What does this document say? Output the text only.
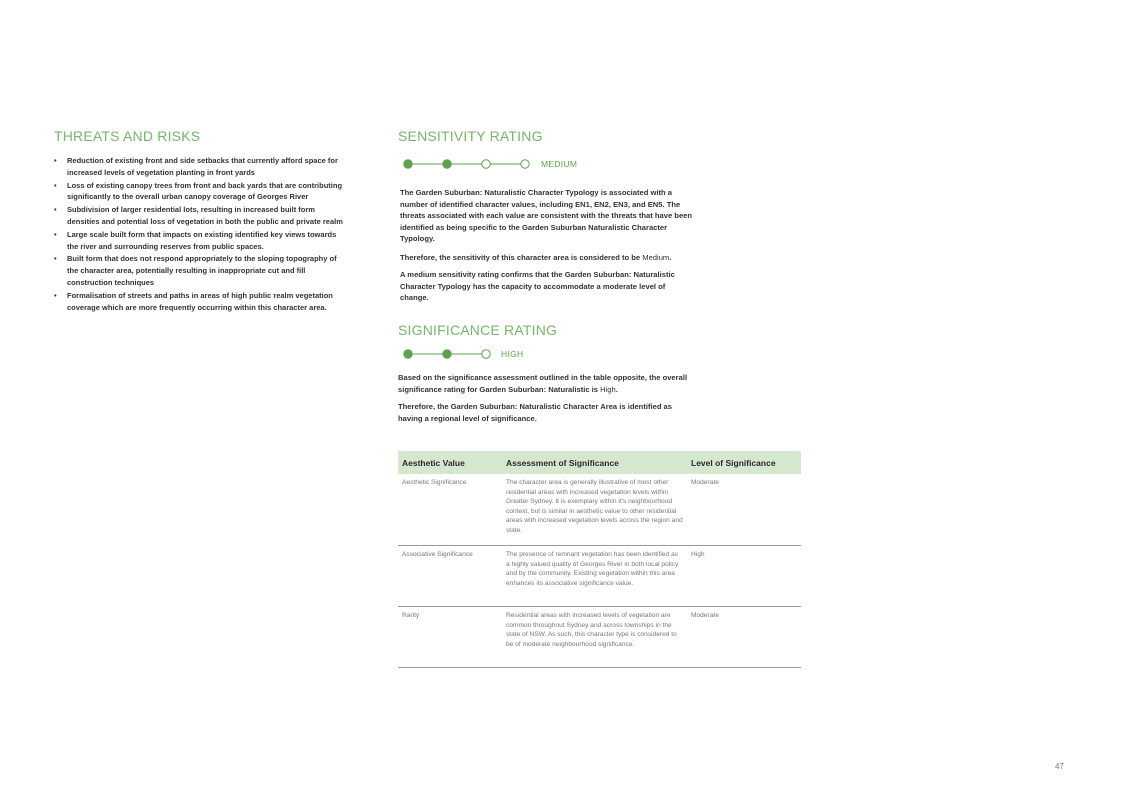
THREATS AND RISKS
• Reduction of existing front and side setbacks that currently afford space for increased levels of vegetation planting in front yards
• Loss of existing canopy trees from front and back yards that are contributing significantly to the overall urban canopy coverage of Georges River
• Subdivision of larger residential lots, resulting in increased built form densities and potential loss of vegetation in both the public and private realm
• Large scale built form that impacts on existing identified key views towards the river and surrounding reserves from public spaces.
• Built form that does not respond appropriately to the sloping topography of the character area, potentially resulting in inappropriate cut and fill construction techniques
• Formalisation of streets and paths in areas of high public realm vegetation coverage which are more frequently occurring within this character area.
SENSITIVITY RATING
MEDIUM

The Garden Suburban: Naturalistic Character Typology is associated with a number of identified character values, including EN1, EN2, EN3, and EN5. The threats associated with each value are consistent with the threats that have been identified as being specific to the Garden Suburban Naturalistic Character Typology.

Therefore, the sensitivity of this character area is considered to be Medium.

A medium sensitivity rating confirms that the Garden Suburban: Naturalistic Character Typology has the capacity to accommodate a moderate level of change.

SIGNIFICANCE RATING
HIGH

Based on the significance assessment outlined in the table opposite, the overall significance rating for Garden Suburban: Naturalistic is High.

Therefore, the Garden Suburban: Naturalistic Character Area is identified as having a regional level of significance.

Aesthetic Value	Assessment of Significance	Level of Significance
Aesthetic Significance	The character area is generally illustrative of most other residential areas with increased vegetation levels within Greater Sydney. It is exemplary within it's neighbourhood context, but is similar in aesthetic value to other residential areas with increased vegetation levels across the region and state.	Moderate
Associative Significance	The presence of remnant vegetation has been identified as a highly valued quality of Georges River in both local policy and by the community. Existing vegetation within this area enhances its associative significance value.	High
Rarity	Residential areas with increased levels of vegetation are common throughout Sydney and across townships in the state of NSW. As such, this character type is considered to be of moderate neighbourhood significance.	Moderate
47
